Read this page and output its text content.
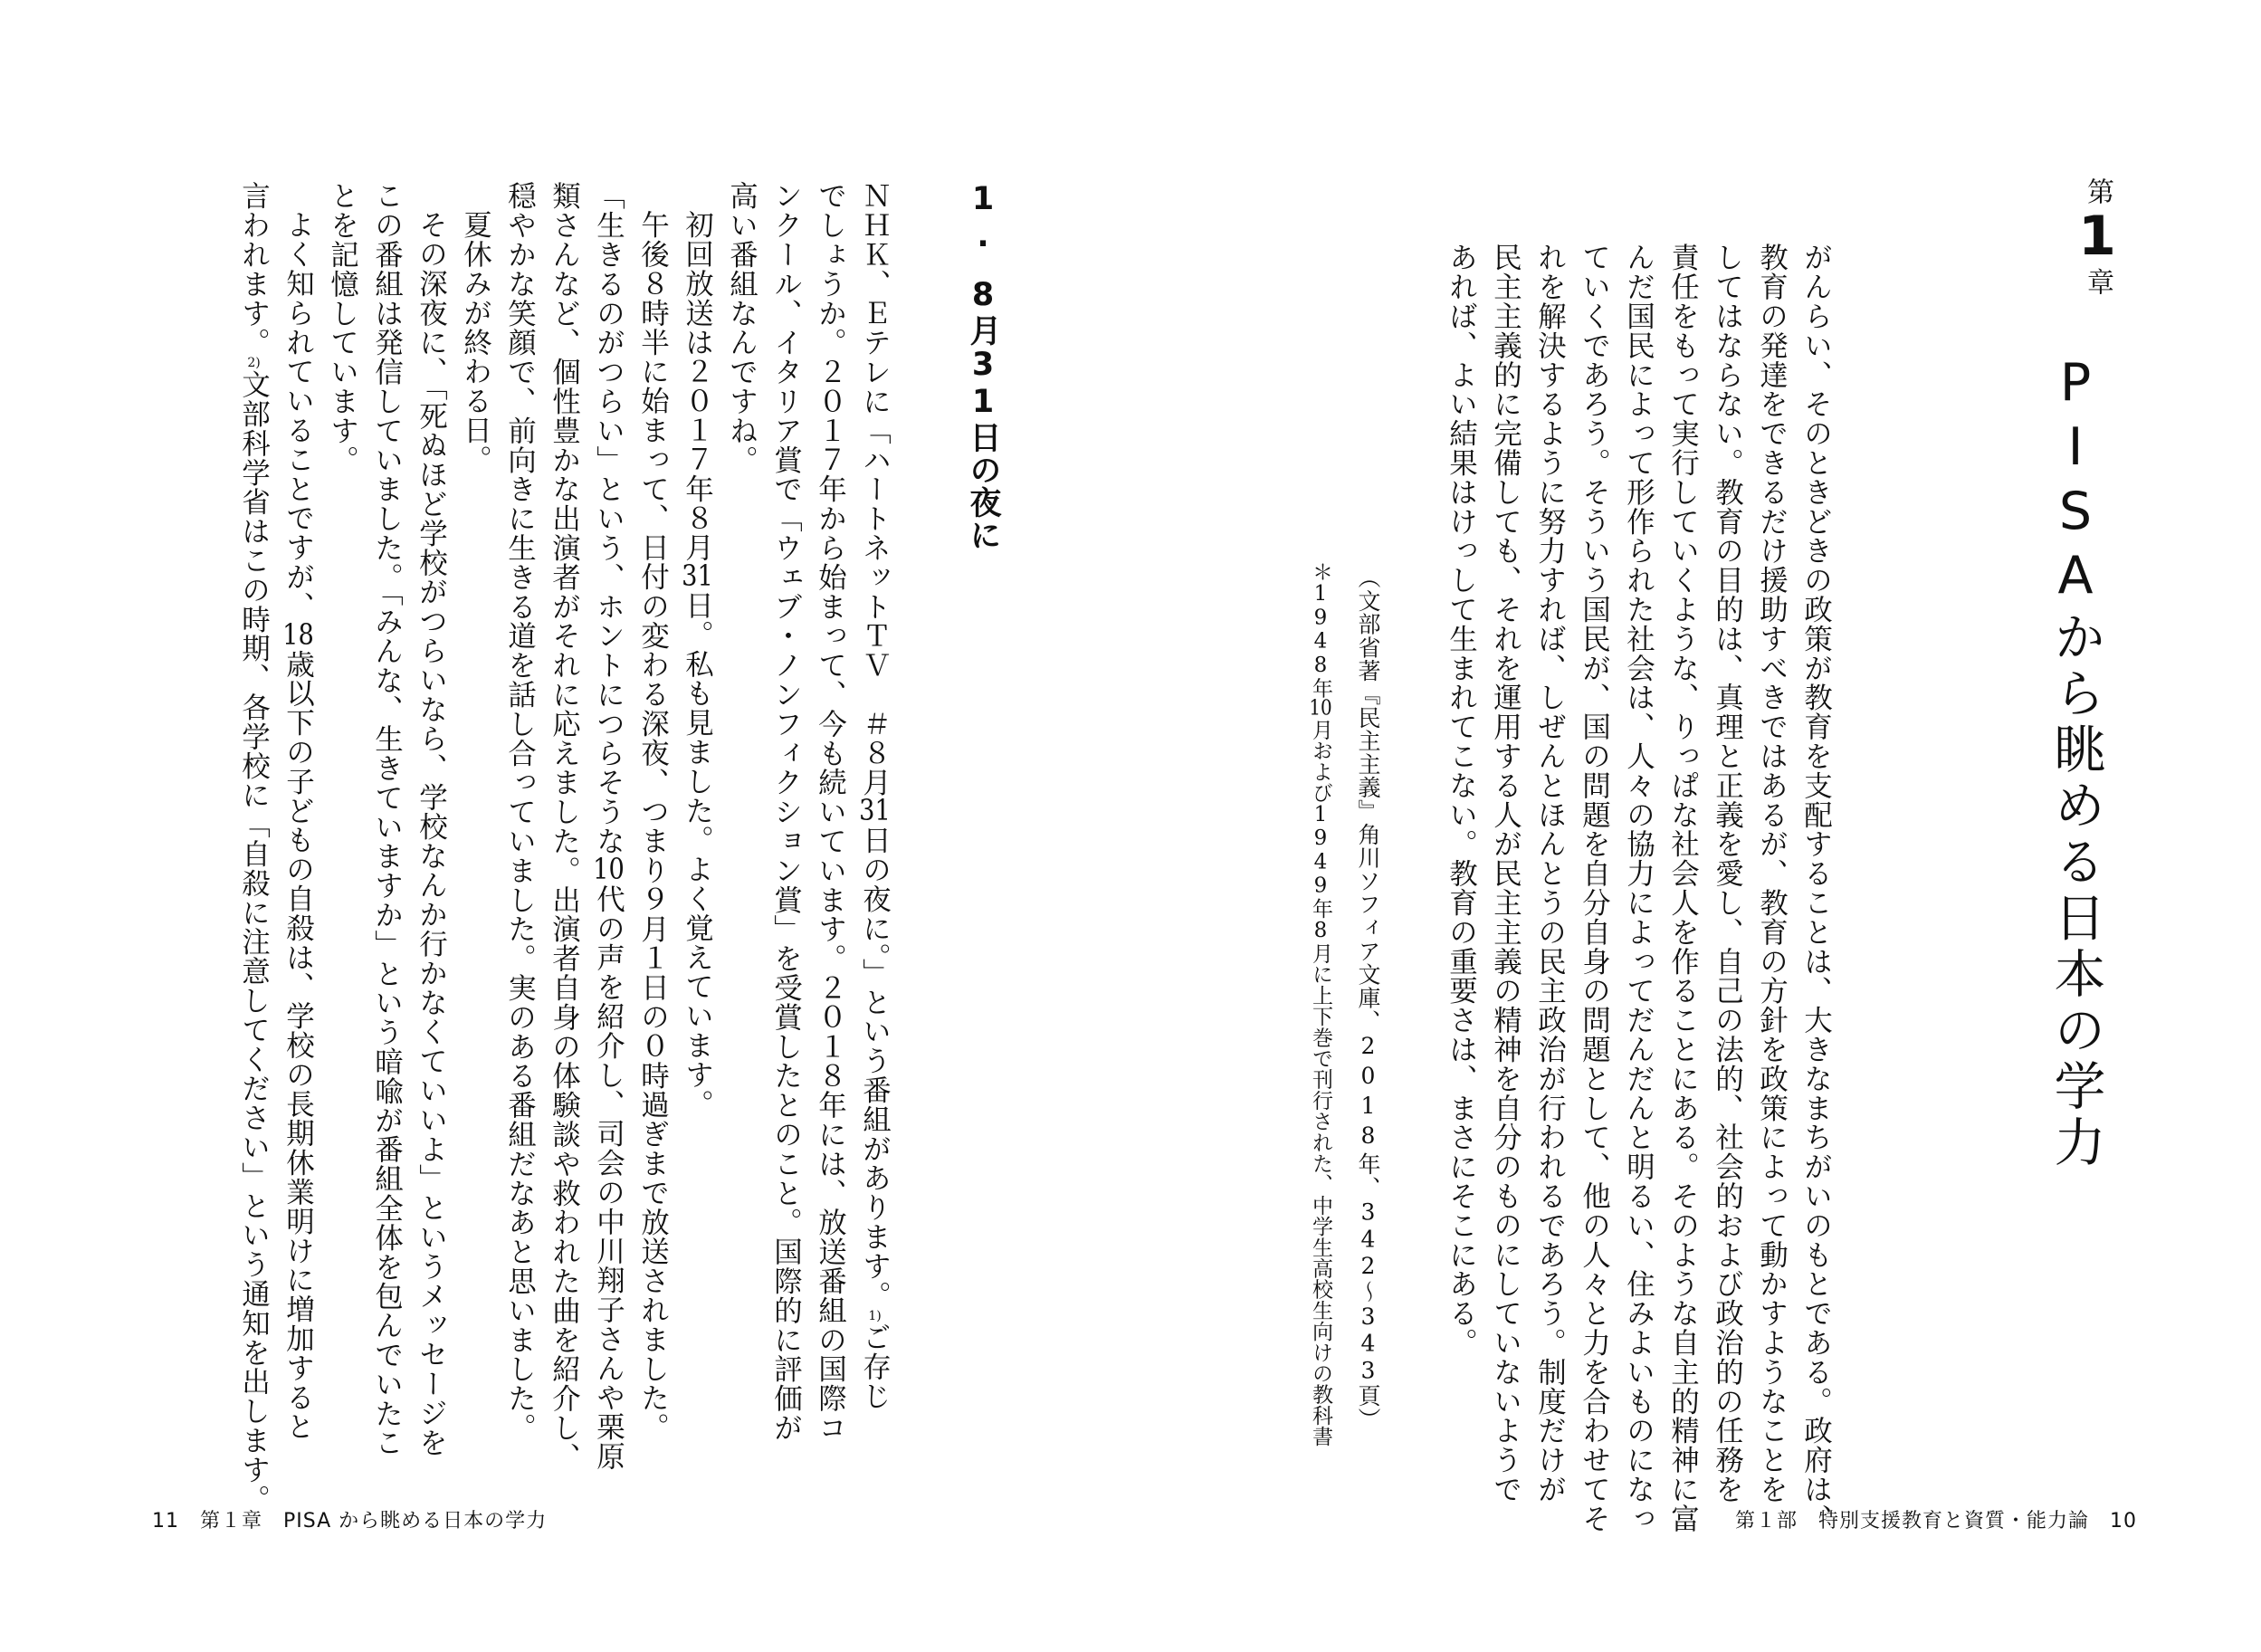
第1章
PISAから眺める日本の学力
がんらい、そのときどきの政策が教育を支配することは、大きなまちがいのもとである。政府は、
教育の発達をできるだけ援助すべきではあるが、教育の方針を政策によって動かすようなことを
してはならない。教育の目的は、真理と正義を愛し、自己の法的、社会的および政治的の任務を
責任をもって実行していくような、りっぱな社会人を作ることにある。そのような自主的精神に富
んだ国民によって形作られた社会は、人々の協力によってだんだんと明るい、住みよいものになっ
ていくであろう。そういう国民が、国の問題を自分自身の問題として、他の人々と力を合わせてそ
れを解決するように努力すれば、しぜんとほんとうの民主政治が行われるであろう。制度だけが
民主主義的に完備しても、それを運用する人が民主主義の精神を自分のものにしていないようで
あれば、よい結果はけっして生まれてこない。教育の重要さは、まさにそこにある。
（文部省著『民主主義』角川ソフィア文庫、2018年、342〜343頁）
＊1948年10月および1949年8月に上下巻で刊行された、中学生高校生向けの教科書
第１部　特別支援教育と資質・能力論　 10
1.8月31日の夜に
ＮＨＫ、Ｅテレに「ハートネットＴＶ　＃８月31日の夜に。」という番組があります。1)ご存じ
でしょうか。２０１７年から始まって、今も続いています。２０１８年には、放送番組の国際コ
ンクール、イタリア賞で「ウェブ・ノンフィクション賞」を受賞したとのこと。国際的に評価が
高い番組なんですね。
初回放送は２０１７年８月31日。私も見ました。よく覚えています。
午後８時半に始まって、日付の変わる深夜、つまり９月１日の０時過ぎまで放送されました。
「生きるのがつらい」という、ホントにつらそうな10代の声を紹介し、司会の中川翔子さんや栗原
類さんなど、個性豊かな出演者がそれに応えました。出演者自身の体験談や救われた曲を紹介し、
穏やかな笑顔で、前向きに生きる道を話し合っていました。実のある番組だなあと思いました。
夏休みが終わる日。
その深夜に、「死ぬほど学校がつらいなら、学校なんか行かなくていいよ」というメッセージを
この番組は発信していました。「みんな、生きていますか」という暗喩が番組全体を包んでいたこ
とを記憶しています。
よく知られていることですが、18歳以下の子どもの自殺は、学校の長期休業明けに増加すると
言われます。2)文部科学省はこの時期、各学校に「自殺に注意してください」という通知を出します。
11　 第１章　PISA から眺める日本の学力
